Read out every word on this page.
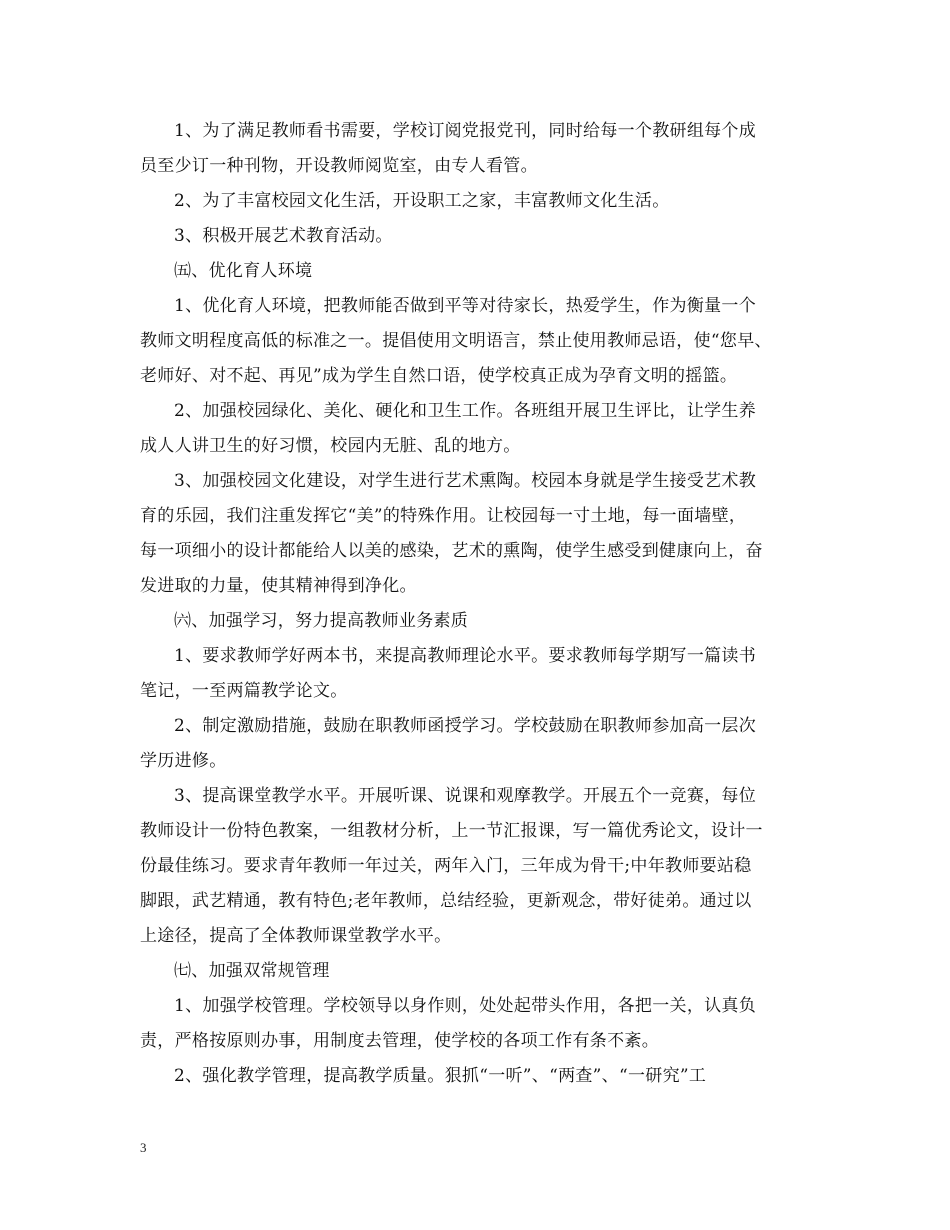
1、为了满足教师看书需要，学校订阅党报党刊，同时给每一个教研组每个成
员至少订一种刊物，开设教师阅览室，由专人看管。
2、为了丰富校园文化生活，开设职工之家，丰富教师文化生活。
3、积极开展艺术教育活动。
㈤、优化育人环境
1、优化育人环境，把教师能否做到平等对待家长，热爱学生，作为衡量一个
教师文明程度高低的标准之一。提倡使用文明语言，禁止使用教师忌语，使“您早、
老师好、对不起、再见”成为学生自然口语，使学校真正成为孕育文明的摇篮。
2、加强校园绿化、美化、硬化和卫生工作。各班组开展卫生评比，让学生养
成人人讲卫生的好习惯，校园内无脏、乱的地方。
3、加强校园文化建设，对学生进行艺术熏陶。校园本身就是学生接受艺术教
育的乐园，我们注重发挥它“美”的特殊作用。让校园每一寸土地，每一面墙壁，
每一项细小的设计都能给人以美的感染，艺术的熏陶，使学生感受到健康向上，奋
发进取的力量，使其精神得到净化。
㈥、加强学习，努力提高教师业务素质
1、要求教师学好两本书，来提高教师理论水平。要求教师每学期写一篇读书
笔记，一至两篇教学论文。
2、制定激励措施，鼓励在职教师函授学习。学校鼓励在职教师参加高一层次
学历进修。
3、提高课堂教学水平。开展听课、说课和观摩教学。开展五个一竞赛，每位
教师设计一份特色教案，一组教材分析，上一节汇报课，写一篇优秀论文，设计一
份最佳练习。要求青年教师一年过关，两年入门，三年成为骨干;中年教师要站稳
脚跟，武艺精通，教有特色;老年教师，总结经验，更新观念，带好徒弟。通过以
上途径，提高了全体教师课堂教学水平。
㈦、加强双常规管理
1、加强学校管理。学校领导以身作则，处处起带头作用，各把一关，认真负
责，严格按原则办事，用制度去管理，使学校的各项工作有条不紊。
2、强化教学管理，提高教学质量。狠抓“一听”、“两查”、“一研究”工
3
